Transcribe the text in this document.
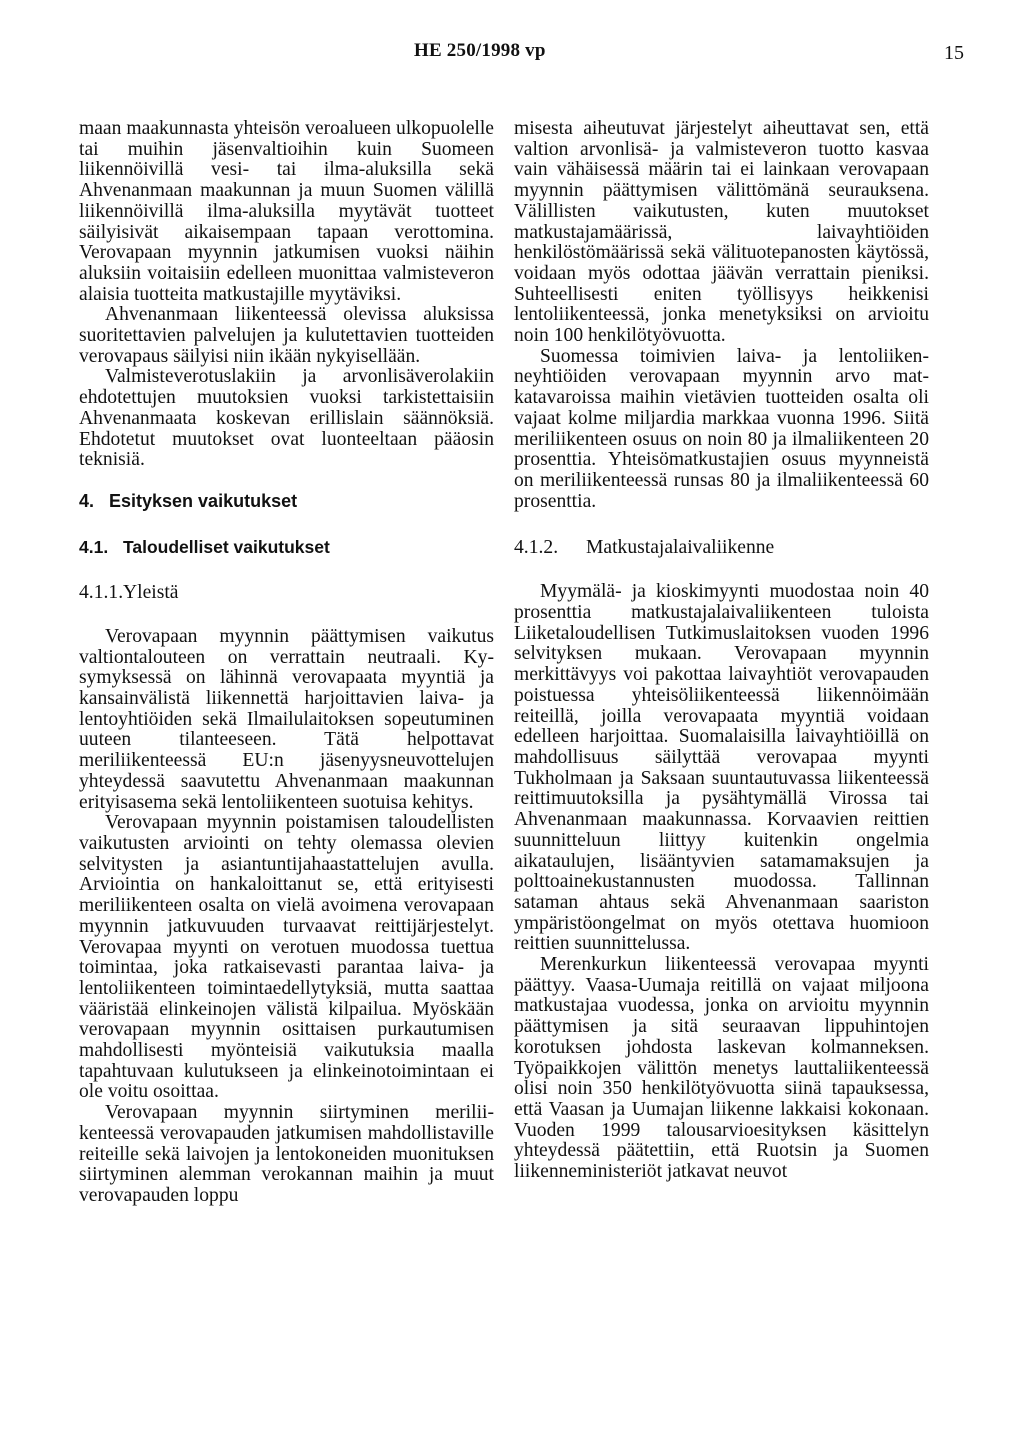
HE 250/1998 vp	15

maan maakunnasta yhteisön veroalueen ulkopuolelle tai muihin jäsenvaltioihin kuin Suomeen liikennöivillä vesi- tai ilma-aluksilla sekä Ahvenanmaan maakunnan ja muun Suomen välillä liikennöivillä ilma-aluksilla myytävät tuotteet säilyisivät aikaisempaan tapaan verottomina. Verovapaan myynnin jatkumisen vuoksi näihin aluksiin voitaisiin edelleen muonittaa valmisteveron alaisia tuotteita matkustajille myytäviksi.

Ahvenanmaan liikenteessä olevissa aluksissa suoritettavien palvelujen ja kulutettavien tuotteiden verovapaus säilyisi niin ikään nykyisellään.

Valmisteverotuslakiin ja arvonlisäverolakiin ehdotettujen muutoksien vuoksi tarkistettaisiin Ahvenanmaata koskevan erillislain säännöksiä. Ehdotetut muutokset ovat luonteeltaan pääosin teknisiä.

4. Esityksen vaikutukset
4.1. Taloudelliset vaikutukset
4.1.1.Yleistä

Verovapaan myynnin päättymisen vaikutus valtiontalouteen on verrattain neutraali. Kysymyksessä on lähinnä verovapaata myyntiä ja kansainvälistä liikennettä harjoittavien laiva- ja lentoyhtiöiden sekä Ilmailulaitoksen sopeutuminen uuteen tilanteeseen. Tätä helpottavat meriliikenteessä EU:n jäsenyysneuvottelujen yhteydessä saavutettu Ahvenanmaan maakunnan erityisasema sekä lentoliikenteen suotuisa kehitys.

Verovapaan myynnin poistamisen taloudellisten vaikutusten arviointi on tehty olemassa olevien selvitysten ja asiantuntijahaastattelujen avulla. Arviointia on hankaloittanut se, että erityisesti meriliikenteen osalta on vielä avoimena verovapaan myynnin jatkuvuuden turvaavat reittijärjestelyt. Verovapaa myynti on verotuen muodossa tuettua toimintaa, joka ratkaisevasti parantaa laiva- ja lentoliikenteen toimintaedellytyksiä, mutta saattaa vääristää elinkeinojen välistä kilpailua. Myöskään verovapaan myynnin osittaisen purkautumisen mahdollisesti myönteisiä vaikutuksia maalla tapahtuvaan kulutukseen ja elinkeinotoimintaan ei ole voitu osoittaa.

Verovapaan myynnin siirtyminen meriliikenteessä verovapauden jatkumisen mahdollistaville reiteille sekä laivojen ja lentokoneiden muonituksen siirtyminen alemman verokannan maihin ja muut verovapauden loppu

misesta aiheutuvat järjestelyt aiheuttavat sen, että valtion arvonlisä- ja valmisteveron tuotto kasvaa vain vähäisessä määrin tai ei lainkaan verovapaan myynnin päättymisen välittömänä seurauksena. Välillisten vaikutusten, kuten muutokset matkustajamäärissä, laivayhtiöiden henkilöstömäärissä sekä välituotepanosten käytössä, voidaan myös odottaa jäävän verrattain pieniksi. Suhteellisesti eniten työllisyys heikkenisi lentoliikenteessä, jonka menetyksiksi on arvioitu noin 100 henkilötyövuotta.

Suomessa toimivien laiva- ja lentoliikenneyhtiöiden verovapaan myynnin arvo matkatavaroissa maihin vietävien tuotteiden osalta oli vajaat kolme miljardia markkaa vuonna 1996. Siitä meriliikenteen osuus on noin 80 ja ilmaliikenteen 20 prosenttia. Yhteisömatkustajien osuus myynneistä on meriliikenteessä runsas 80 ja ilmaliikenteessä 60 prosenttia.

4.1.2. Matkustajalaivaliikenne

Myymälä- ja kioskimyynti muodostaa noin 40 prosenttia matkustajalaivaliikenteen tuloista Liiketaloudellisen Tutkimuslaitoksen vuoden 1996 selvityksen mukaan. Verovapaan myynnin merkittävyys voi pakottaa laivayhtiöt verovapauden poistuessa yhteisöliikenteessä liikennöimään reiteillä, joilla verovapaata myyntiä voidaan edelleen harjoittaa. Suomalaisilla laivayhtiöillä on mahdollisuus säilyttää verovapaa myynti Tukholmaan ja Saksaan suuntautuvassa liikenteessä reittimuutoksilla ja pysähtymällä Virossa tai Ahvenanmaan maakunnassa. Korvaavien reittien suunnitteluun liittyy kuitenkin ongelmia aikataulujen, lisääntyvien satamamaksujen ja polttoainekustannusten muodossa. Tallinnan sataman ahtaus sekä Ahvenanmaan saariston ympäristöongelmat on myös otettava huomioon reittien suunnittelussa.

Merenkurkun liikenteessä verovapaa myynti päättyy. Vaasa-Uumaja reitillä on vajaat miljoona matkustajaa vuodessa, jonka on arvioitu myynnin päättymisen ja sitä seuraavan lippuhintojen korotuksen johdosta laskevan kolmanneksen. Työpaikkojen välittön menetys lauttaliikenteessä olisi noin 350 henkilötyövuotta siinä tapauksessa, että Vaasan ja Uumajan liikenne lakkaisi kokonaan. Vuoden 1999 talousarvioesityksen käsittelyn yhteydessä päätettiin, että Ruotsin ja Suomen liikenneministeriöt jatkavat neuvot
